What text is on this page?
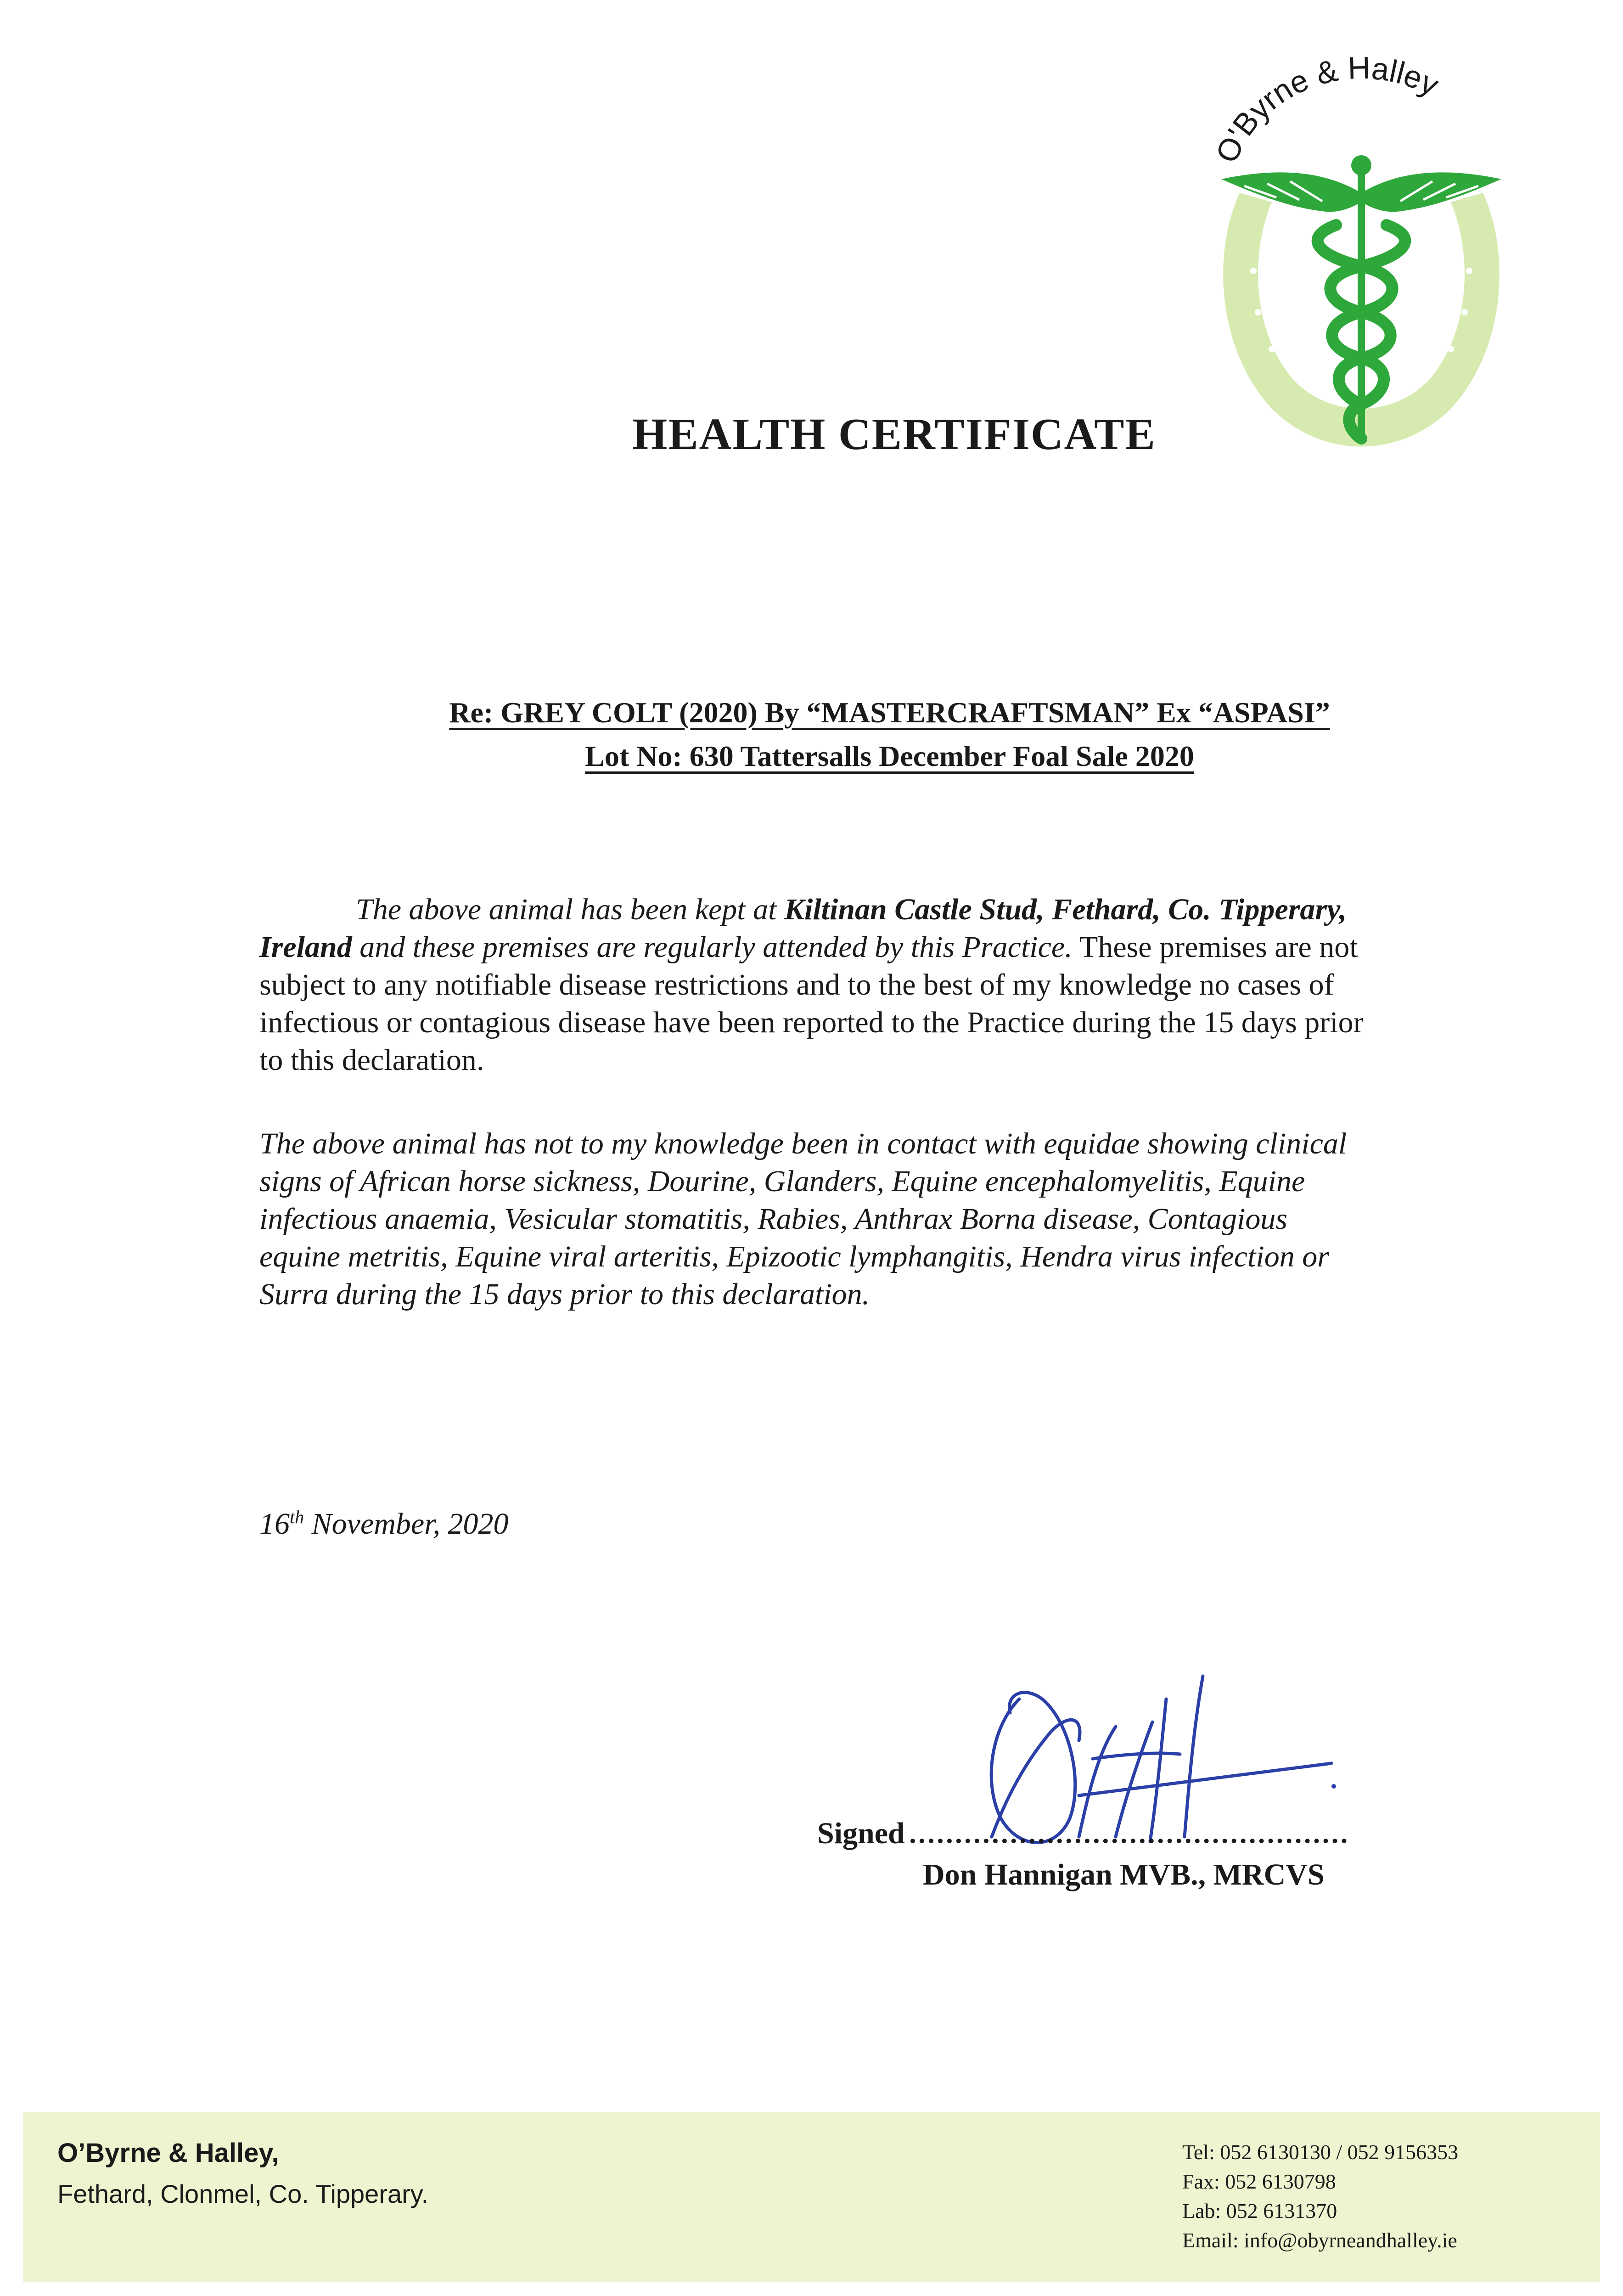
O'Byrne & Halley
HEALTH CERTIFICATE
Re: GREY COLT (2020) By “MASTERCRAFTSMAN” Ex “ASPASI”
Lot No: 630 Tattersalls December Foal Sale 2020
The above animal has been kept at Kiltinan Castle Stud, Fethard, Co. Tipperary, Ireland and these premises are regularly attended by this Practice. These premises are not subject to any notifiable disease restrictions and to the best of my knowledge no cases of infectious or contagious disease have been reported to the Practice during the 15 days prior to this declaration.
The above animal has not to my knowledge been in contact with equidae showing clinical signs of African horse sickness, Dourine, Glanders, Equine encephalomyelitis, Equine infectious anaemia, Vesicular stomatitis, Rabies, Anthrax Borna disease, Contagious equine metritis, Equine viral arteritis, Epizootic lymphangitis, Hendra virus infection or Surra during the 15 days prior to this declaration.
16th November, 2020
Signed
Don Hannigan MVB., MRCVS
O’Byrne & Halley,
Fethard, Clonmel, Co. Tipperary.
Tel: 052 6130130 / 052 9156353
Fax: 052 6130798
Lab: 052 6131370
Email: info@obyrneandhalley.ie
